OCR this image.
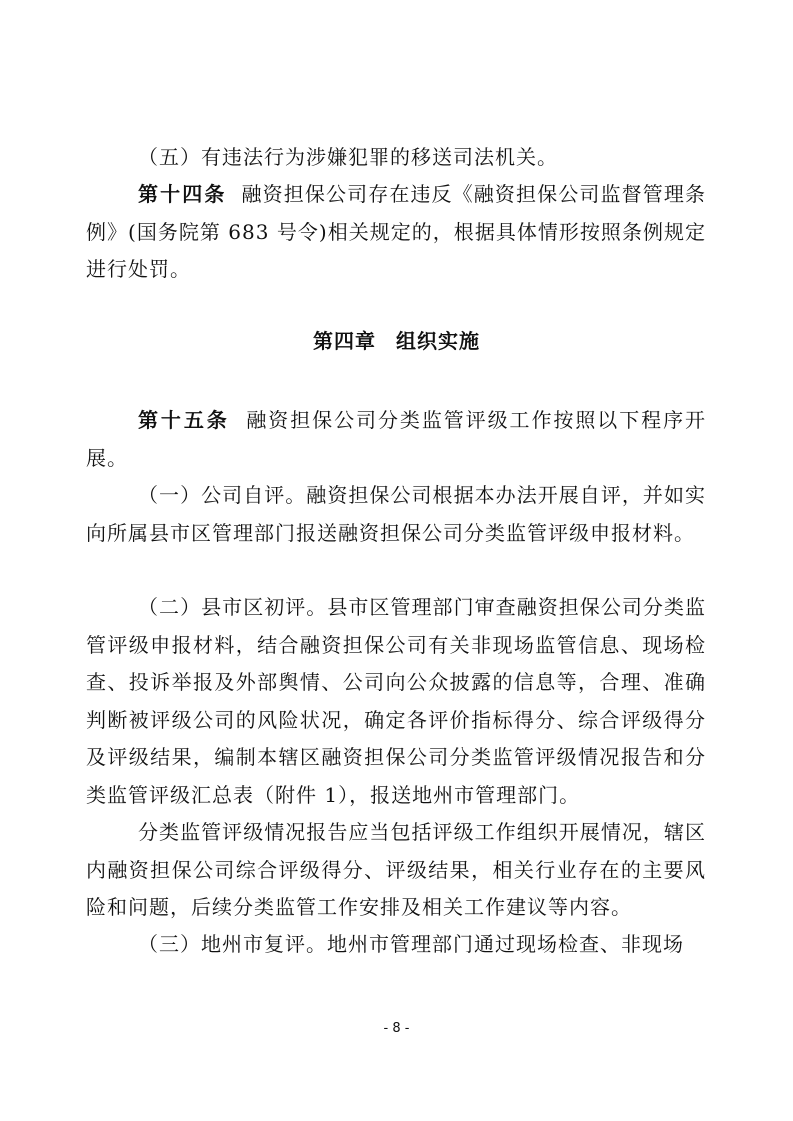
（五）有违法行为涉嫌犯罪的移送司法机关。

第十四条 融资担保公司存在违反《融资担保公司监督管理条例》(国务院第 683 号令)相关规定的，根据具体情形按照条例规定进行处罚。

第四章 组织实施

第十五条 融资担保公司分类监管评级工作按照以下程序开展。

（一）公司自评。融资担保公司根据本办法开展自评，并如实向所属县市区管理部门报送融资担保公司分类监管评级申报材料。

（二）县市区初评。县市区管理部门审查融资担保公司分类监管评级申报材料，结合融资担保公司有关非现场监管信息、现场检查、投诉举报及外部舆情、公司向公众披露的信息等，合理、准确判断被评级公司的风险状况，确定各评价指标得分、综合评级得分及评级结果，编制本辖区融资担保公司分类监管评级情况报告和分类监管评级汇总表（附件 1），报送地州市管理部门。

分类监管评级情况报告应当包括评级工作组织开展情况，辖区内融资担保公司综合评级得分、评级结果，相关行业存在的主要风险和问题，后续分类监管工作安排及相关工作建议等内容。

（三）地州市复评。地州市管理部门通过现场检查、非现场

- 8 -
